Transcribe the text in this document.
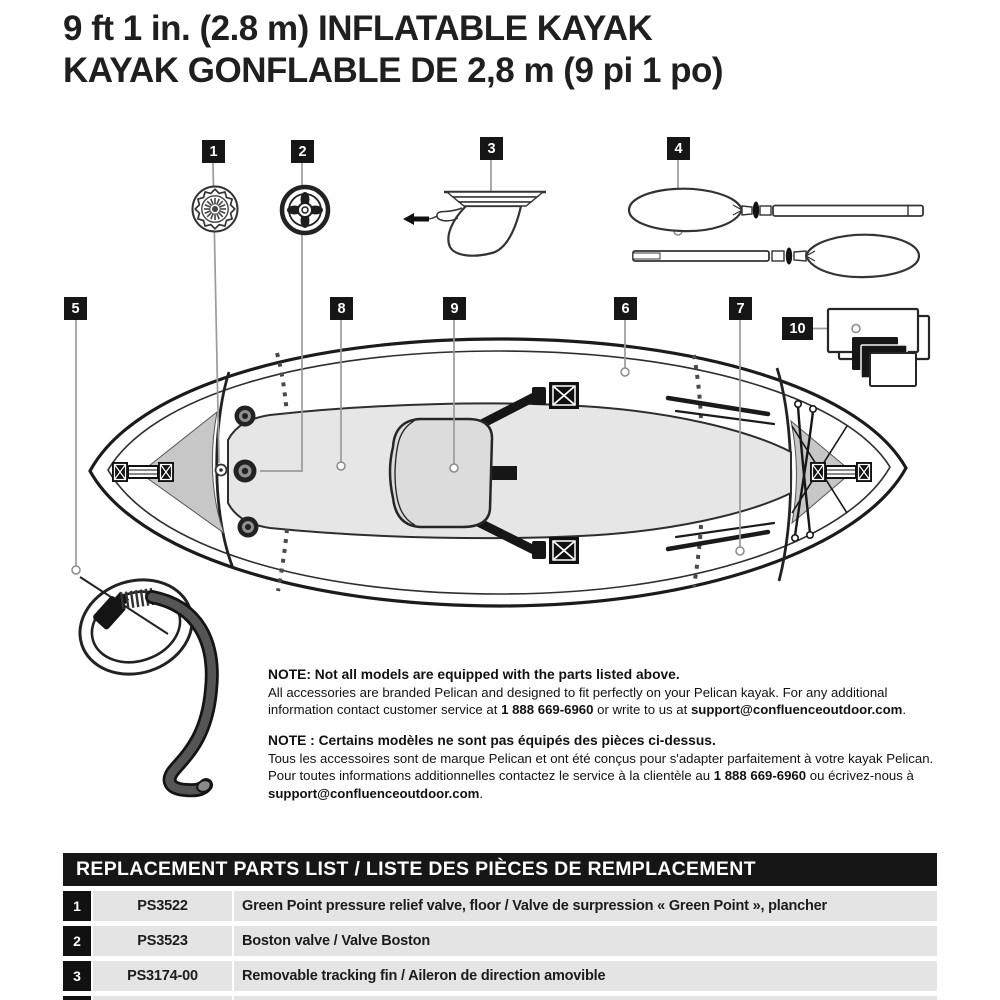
9 ft 1 in. (2.8 m) INFLATABLE KAYAK
KAYAK GONFLABLE DE 2,8 m (9 pi 1 po)
1	2	3	4
5	8	9	6	7
10
NOTE: Not all models are equipped with the parts listed above.
All accessories are branded Pelican and designed to fit perfectly on your Pelican kayak. For any additional information contact customer service at 1 888 669-6960 or write to us at support@confluenceoutdoor.com.
NOTE : Certains modèles ne sont pas équipés des pièces ci-dessus.
Tous les accessoires sont de marque Pelican et ont été conçus pour s'adapter parfaitement à votre kayak Pelican. Pour toutes informations additionnelles contactez le service à la clientèle au 1 888 669-6960 ou écrivez-nous à support@confluenceoutdoor.com.
REPLACEMENT PARTS LIST / LISTE DES PIÈCES DE REMPLACEMENT
1	PS3522	Green Point pressure relief valve, floor / Valve de surpression « Green Point », plancher
2	PS3523	Boston valve / Valve Boston
3	PS3174-00	Removable tracking fin / Aileron de direction amovible
